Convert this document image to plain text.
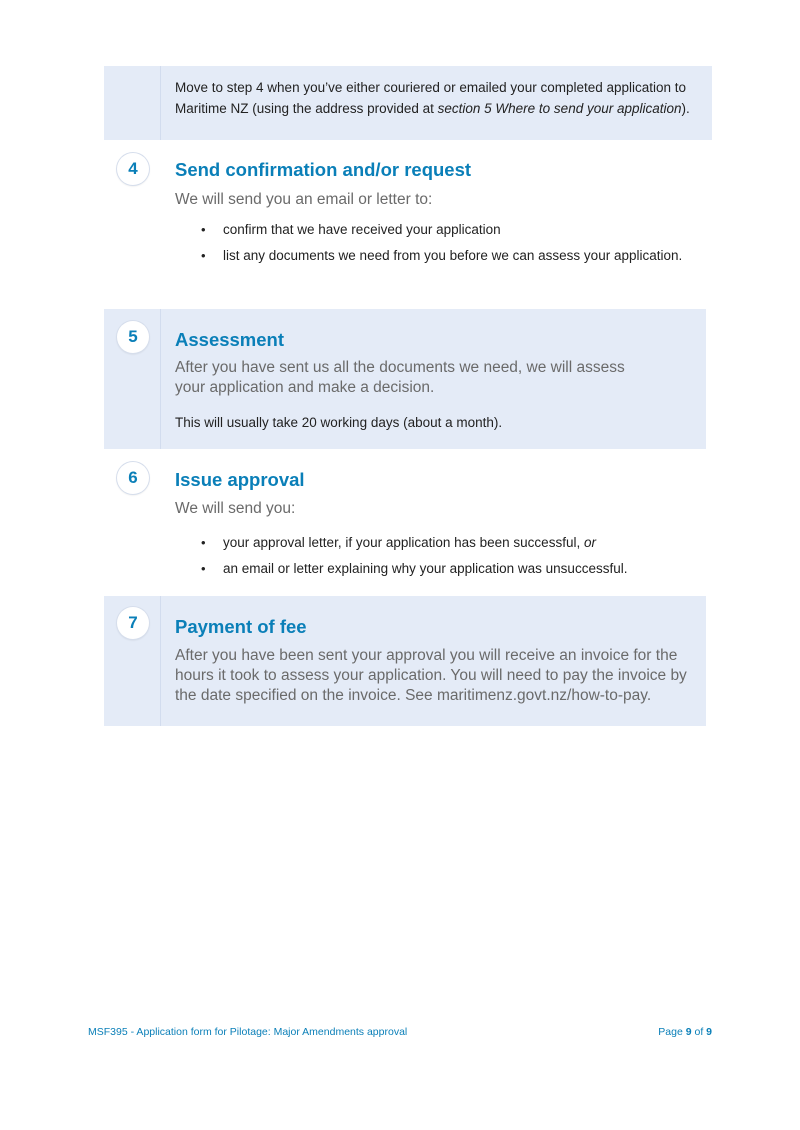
Move to step 4 when you’ve either couriered or emailed your completed application to
Maritime NZ (using the address provided at section 5 Where to send your application).
4	Send confirmation and/or request
We will send you an email or letter to:
• confirm that we have received your application
• list any documents we need from you before we can assess your application.
5	Assessment
After you have sent us all the documents we need, we will assess your application and make a decision.
This will usually take 20 working days (about a month).
6	Issue approval
We will send you:
• your approval letter, if your application has been successful, or
• an email or letter explaining why your application was unsuccessful.
7	Payment of fee
After you have been sent your approval you will receive an invoice for the hours it took to assess your application. You will need to pay the invoice by the date specified on the invoice. See maritimenz.govt.nz/how-to-pay.
MSF395 - Application form for Pilotage: Major Amendments approval	Page 9 of 9
